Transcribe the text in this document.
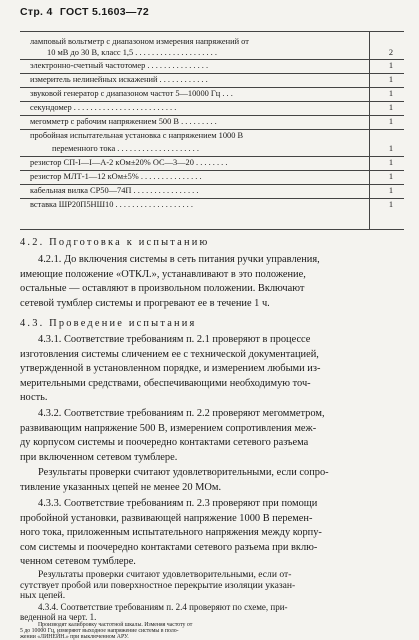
Стр. 4 ГОСТ 5.1603—72
ламповый вольтметр с диапазоном измерения напряжений от
10 мВ до 30 В, класс 1,5 . . . . . . . . . . . . . . . . . . . .	2
электронно-счетный частотомер . . . . . . . . . . . . . . .	1
измеритель нелинейных искажений . . . . . . . . . . . .	1
звуковой генератор с диапазоном частот 5—10000 Гц . . .	1
секундомер . . . . . . . . . . . . . . . . . . . . . . . . .	1
мегомметр с рабочим напряжением 500 В . . . . . . . . .	1
пробойная испытательная установка с напряжением 1000 В
переменного тока . . . . . . . . . . . . . . . . . . . .	1
резистор СП-І—І—А-2 кОм±20% ОС—3—20 . . . . . . . .	1
резистор МЛТ-1—12 кОм±5% . . . . . . . . . . . . . . .	1
кабельная вилка СР50—74П . . . . . . . . . . . . . . . .	1
вставка ШР20П5НШ10 . . . . . . . . . . . . . . . . . . .	1
4.2. Подготовка к испытанию
4.2.1. До включения системы в сеть питания ручки управления,
имеющие положение «ОТКЛ.», устанавливают в это положение,
остальные — оставляют в произвольном положении. Включают
сетевой тумблер системы и прогревают ее в течение 1 ч.
4.3. Проведение испытания
4.3.1. Соответствие требованиям п. 2.1 проверяют в процессе
изготовления системы сличением ее с технической документацией,
утвержденной в установленном порядке, и измерением любыми из-
мерительными средствами, обеспечивающими необходимую точ-
ность.
4.3.2. Соответствие требованиям п. 2.2 проверяют мегомметром,
развивающим напряжение 500 В, измерением сопротивления меж-
ду корпусом системы и поочередно контактами сетевого разъема
при включенном сетевом тумблере.
Результаты проверки считают удовлетворительными, если сопро-
тивление указанных цепей не менее 20 МОм.
4.3.3. Соответствие требованиям п. 2.3 проверяют при помощи
пробойной установки, развивающей напряжение 1000 В перемен-
ного тока, приложенным испытательного напряжения между корпу-
сом системы и поочередно контактами сетевого разъема при вклю-
ченном сетевом тумблере.
Результаты проверки считают удовлетворительными, если от-
сутствует пробой или поверхностное перекрытие изоляции указан-
ных цепей.
4.3.4. Соответствие требованиям п. 2.4 проверяют по схеме, при-
веденной на черт. 1.
Производят калибровку частотной шкалы. Изменяя частоту от
5 до 10000 Гц, измеряют выходное напряжение системы в поло-
жении «ЛИНЕЙН.» при выключенном АРУ.
